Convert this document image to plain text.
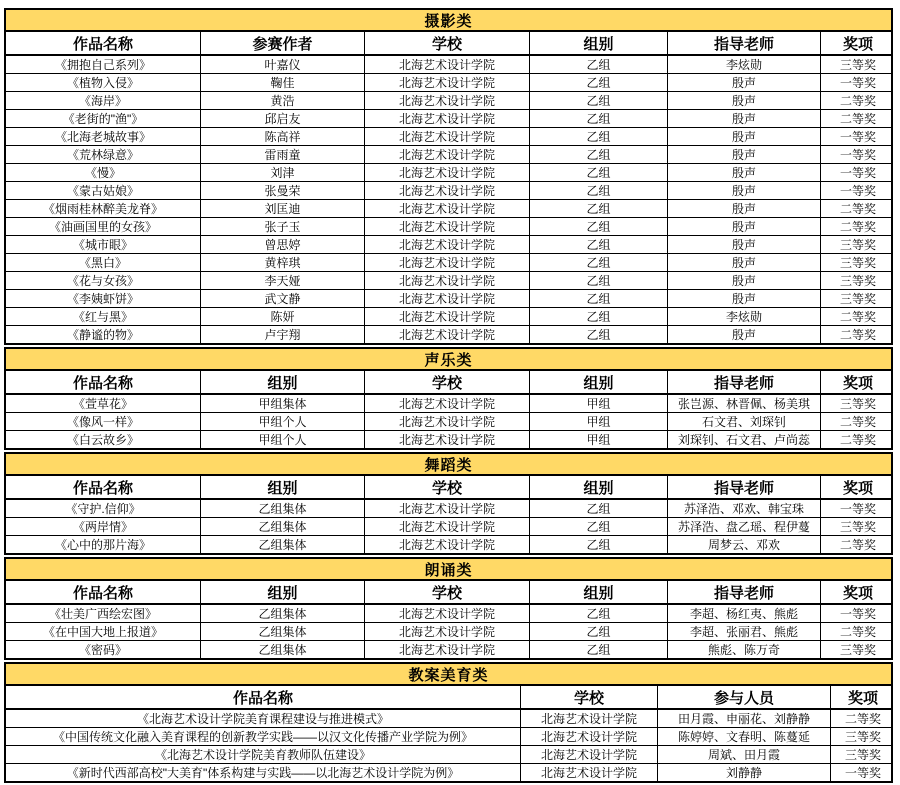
摄影类
作品名称	参赛作者	学校	组别	指导老师	奖项
《拥抱自己系列》	叶嘉仪	北海艺术设计学院	乙组	李炫勋	三等奖
《植物入侵》	鞠佳	北海艺术设计学院	乙组	殷声	一等奖
《海岸》	黄浩	北海艺术设计学院	乙组	殷声	二等奖
《老街的"渔"》	邱启友	北海艺术设计学院	乙组	殷声	二等奖
《北海老城故事》	陈高祥	北海艺术设计学院	乙组	殷声	一等奖
《荒林绿意》	雷雨童	北海艺术设计学院	乙组	殷声	一等奖
《慢》	刘津	北海艺术设计学院	乙组	殷声	一等奖
《蒙古姑娘》	张曼荣	北海艺术设计学院	乙组	殷声	一等奖
《烟雨桂林醉美龙脊》	刘匡迪	北海艺术设计学院	乙组	殷声	二等奖
《油画国里的女孩》	张子玉	北海艺术设计学院	乙组	殷声	二等奖
《城市眼》	曾思婷	北海艺术设计学院	乙组	殷声	三等奖
《黑白》	黄梓琪	北海艺术设计学院	乙组	殷声	三等奖
《花与女孩》	李天娅	北海艺术设计学院	乙组	殷声	三等奖
《李姨虾饼》	武文静	北海艺术设计学院	乙组	殷声	三等奖
《红与黑》	陈妍	北海艺术设计学院	乙组	李炫勋	二等奖
《静谧的物》	卢宇翔	北海艺术设计学院	乙组	殷声	二等奖
声乐类
作品名称	组别	学校	组别	指导老师	奖项
《萱草花》	甲组集体	北海艺术设计学院	甲组	张岂源、林晋佩、杨美琪	三等奖
《像风一样》	甲组个人	北海艺术设计学院	甲组	石文君、刘琛钊	二等奖
《白云故乡》	甲组个人	北海艺术设计学院	甲组	刘琛钊、石文君、卢尚蕊	二等奖
舞蹈类
作品名称	组别	学校	组别	指导老师	奖项
《守护.信仰》	乙组集体	北海艺术设计学院	乙组	苏泽浩、邓欢、韩宝珠	一等奖
《两岸情》	乙组集体	北海艺术设计学院	乙组	苏泽浩、盘乙瑶、程伊蔓	三等奖
《心中的那片海》	乙组集体	北海艺术设计学院	乙组	周梦云、邓欢	二等奖
朗诵类
作品名称	组别	学校	组别	指导老师	奖项
《壮美广西绘宏图》	乙组集体	北海艺术设计学院	乙组	李超、杨红夷、熊彪	一等奖
《在中国大地上报道》	乙组集体	北海艺术设计学院	乙组	李超、张丽君、熊彪	二等奖
《密码》	乙组集体	北海艺术设计学院	乙组	熊彪、陈万奇	三等奖
教案美育类
作品名称	学校	参与人员	奖项
《北海艺术设计学院美育课程建设与推进模式》	北海艺术设计学院	田月霞、申丽花、刘静静	二等奖
《中国传统文化融入美育课程的创新教学实践——以汉文化传播产业学院为例》	北海艺术设计学院	陈婷婷、文春明、陈蔓延	三等奖
《北海艺术设计学院美育教师队伍建设》	北海艺术设计学院	周斌、田月霞	三等奖
《新时代西部高校"大美育"体系构建与实践——以北海艺术设计学院为例》	北海艺术设计学院	刘静静	一等奖
